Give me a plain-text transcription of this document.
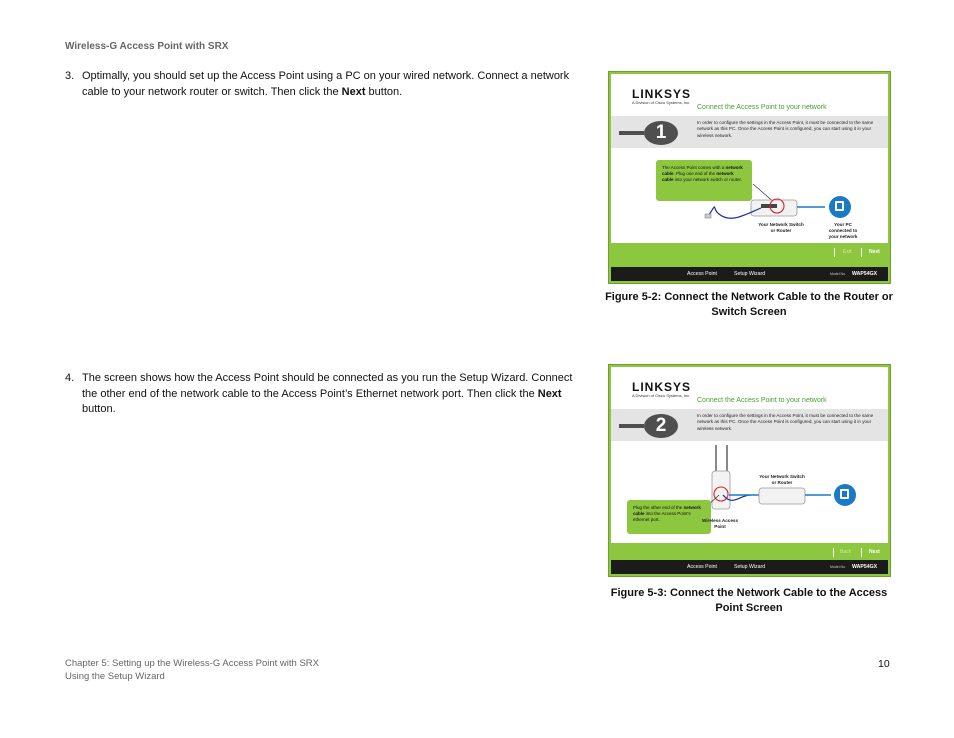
Wireless-G Access Point with SRX
3. Optimally, you should set up the Access Point using a PC on your wired network. Connect a network cable to your network router or switch. Then click the Next button.	LINKSYS
A Division of Cisco Systems, Inc.
Connect the Access Point to your network
1	In order to configure the settings in the Access Point, it must be connected to the same network as this PC. Once the Access Point is configured, you can start using it in your wireless network.
The Access Point comes with a network cable. Plug one end of the network cable into your network switch or router.
Your Network Switch or Router
Your PC connected to your network
Exit	Next
Access Point	Setup Wizard	Model No. WAP54GX
Figure 5-2: Connect the Network Cable to the Router or Switch Screen
4. The screen shows how the Access Point should be connected as you run the Setup Wizard. Connect the other end of the network cable to the Access Point’s Ethernet network port. Then click the Next button.
LINKSYS
A Division of Cisco Systems, Inc.
Connect the Access Point to your network
2	In order to configure the settings in the Access Point, it must be connected to the same network as this PC. Once the Access Point is configured, you can start using it in your wireless network.
Your Network Switch or Router
Plug the other end of the network cable into the Access Point's ethernet port.	Wireless Access Point
Back	Next
Access Point	Setup Wizard	Model No. WAP54GX
Figure 5-3: Connect the Network Cable to the Access Point Screen
Chapter 5: Setting up the Wireless-G Access Point with SRX
Using the Setup Wizard
10
